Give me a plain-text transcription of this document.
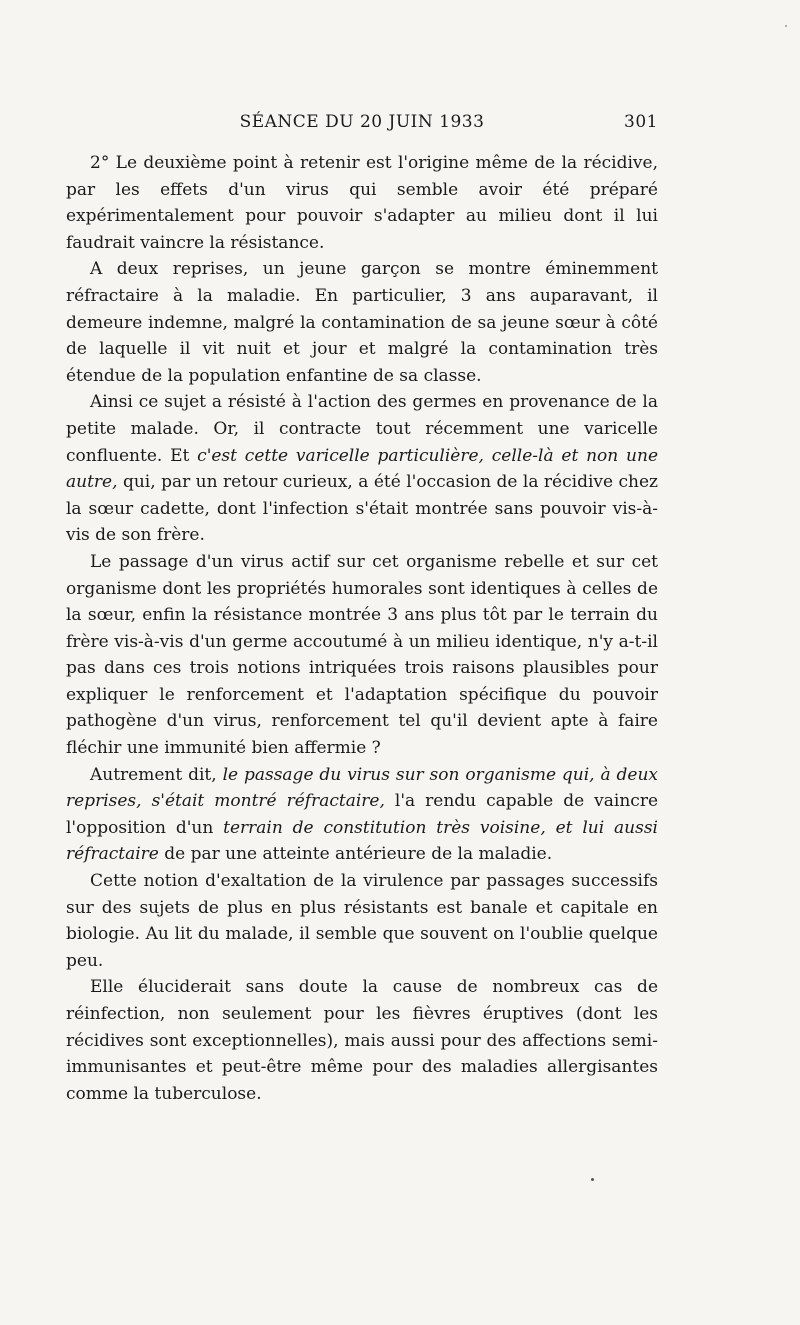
SÉANCE DU 20 JUIN 1933	301

2° Le deuxième point à retenir est l'origine même de la récidive, par les effets d'un virus qui semble avoir été préparé expérimentalement pour pouvoir s'adapter au milieu dont il lui faudrait vaincre la résistance.

A deux reprises, un jeune garçon se montre éminemment réfractaire à la maladie. En particulier, 3 ans auparavant, il demeure indemne, malgré la contamination de sa jeune sœur à côté de laquelle il vit nuit et jour et malgré la contamination très étendue de la population enfantine de sa classe.

Ainsi ce sujet a résisté à l'action des germes en provenance de la petite malade. Or, il contracte tout récemment une varicelle confluente. Et c'est cette varicelle particulière, celle-là et non une autre, qui, par un retour curieux, a été l'occasion de la récidive chez la sœur cadette, dont l'infection s'était montrée sans pouvoir vis-à-vis de son frère.

Le passage d'un virus actif sur cet organisme rebelle et sur cet organisme dont les propriétés humorales sont identiques à celles de la sœur, enfin la résistance montrée 3 ans plus tôt par le terrain du frère vis-à-vis d'un germe accoutumé à un milieu identique, n'y a-t-il pas dans ces trois notions intriquées trois raisons plausibles pour expliquer le renforcement et l'adaptation spécifique du pouvoir pathogène d'un virus, renforcement tel qu'il devient apte à faire fléchir une immunité bien affermie ?

Autrement dit, le passage du virus sur son organisme qui, à deux reprises, s'était montré réfractaire, l'a rendu capable de vaincre l'opposition d'un terrain de constitution très voisine, et lui aussi réfractaire de par une atteinte antérieure de la maladie.

Cette notion d'exaltation de la virulence par passages successifs sur des sujets de plus en plus résistants est banale et capitale en biologie. Au lit du malade, il semble que souvent on l'oublie quelque peu.

Elle éluciderait sans doute la cause de nombreux cas de réinfection, non seulement pour les fièvres éruptives (dont les récidives sont exceptionnelles), mais aussi pour des affections semi-immunisantes et peut-être même pour des maladies allergisantes comme la tuberculose.
